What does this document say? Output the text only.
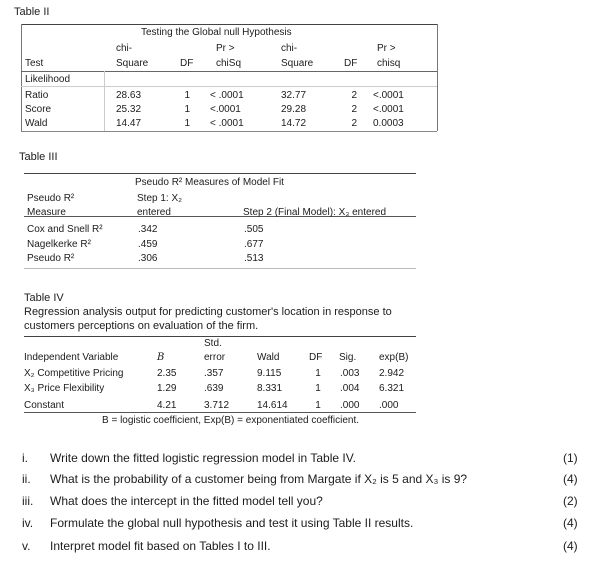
Table II
Testing the Global null Hypothesis
chi-	Pr >	chi-	Pr >
Test	Square	DF chiSq	Square	DF chisq
Likelihood
Ratio	28.63	1 < .0001	32.77	2 <.0001
Score	25.32	1 <.0001	29.28	2 <.0001
Wald	14.47	1 < .0001	14.72	2 0.0003
Table III
Pseudo R² Measures of Model Fit
Pseudo R²
Measure
Step 1: X₂
entered	Step 2 (Final Model): X₃ entered
Cox and Snell R²	.342	.505
Nagelkerke R²	.459	.677
Pseudo R²	.306	.513
Table IV
Regression analysis output for predicting customer's location in response to
customers perceptions on evaluation of the firm.
Std.
Independent Variable	B	error	Wald	DF Sig. exp(B)
X₂ Competitive Pricing	2.35	.357	9.115	1	.003 2.942
X₃ Price Flexibility	1.29	.639	8.331	1	.004 6.321
Constant	4.21	3.712	14.614	1	.000 .000
B = logistic coefficient, Exp(B) = exponentiated coefficient.
i. Write down the fitted logistic regression model in Table IV.	(1)
ii. What is the probability of a customer being from Margate if X₂ is 5 and X₃ is 9?	(4)
iii. What does the intercept in the fitted model tell you?	(2)
iv. Formulate the global null hypothesis and test it using Table II results.	(4)
v. Interpret model fit based on Tables I to III.	(4)
